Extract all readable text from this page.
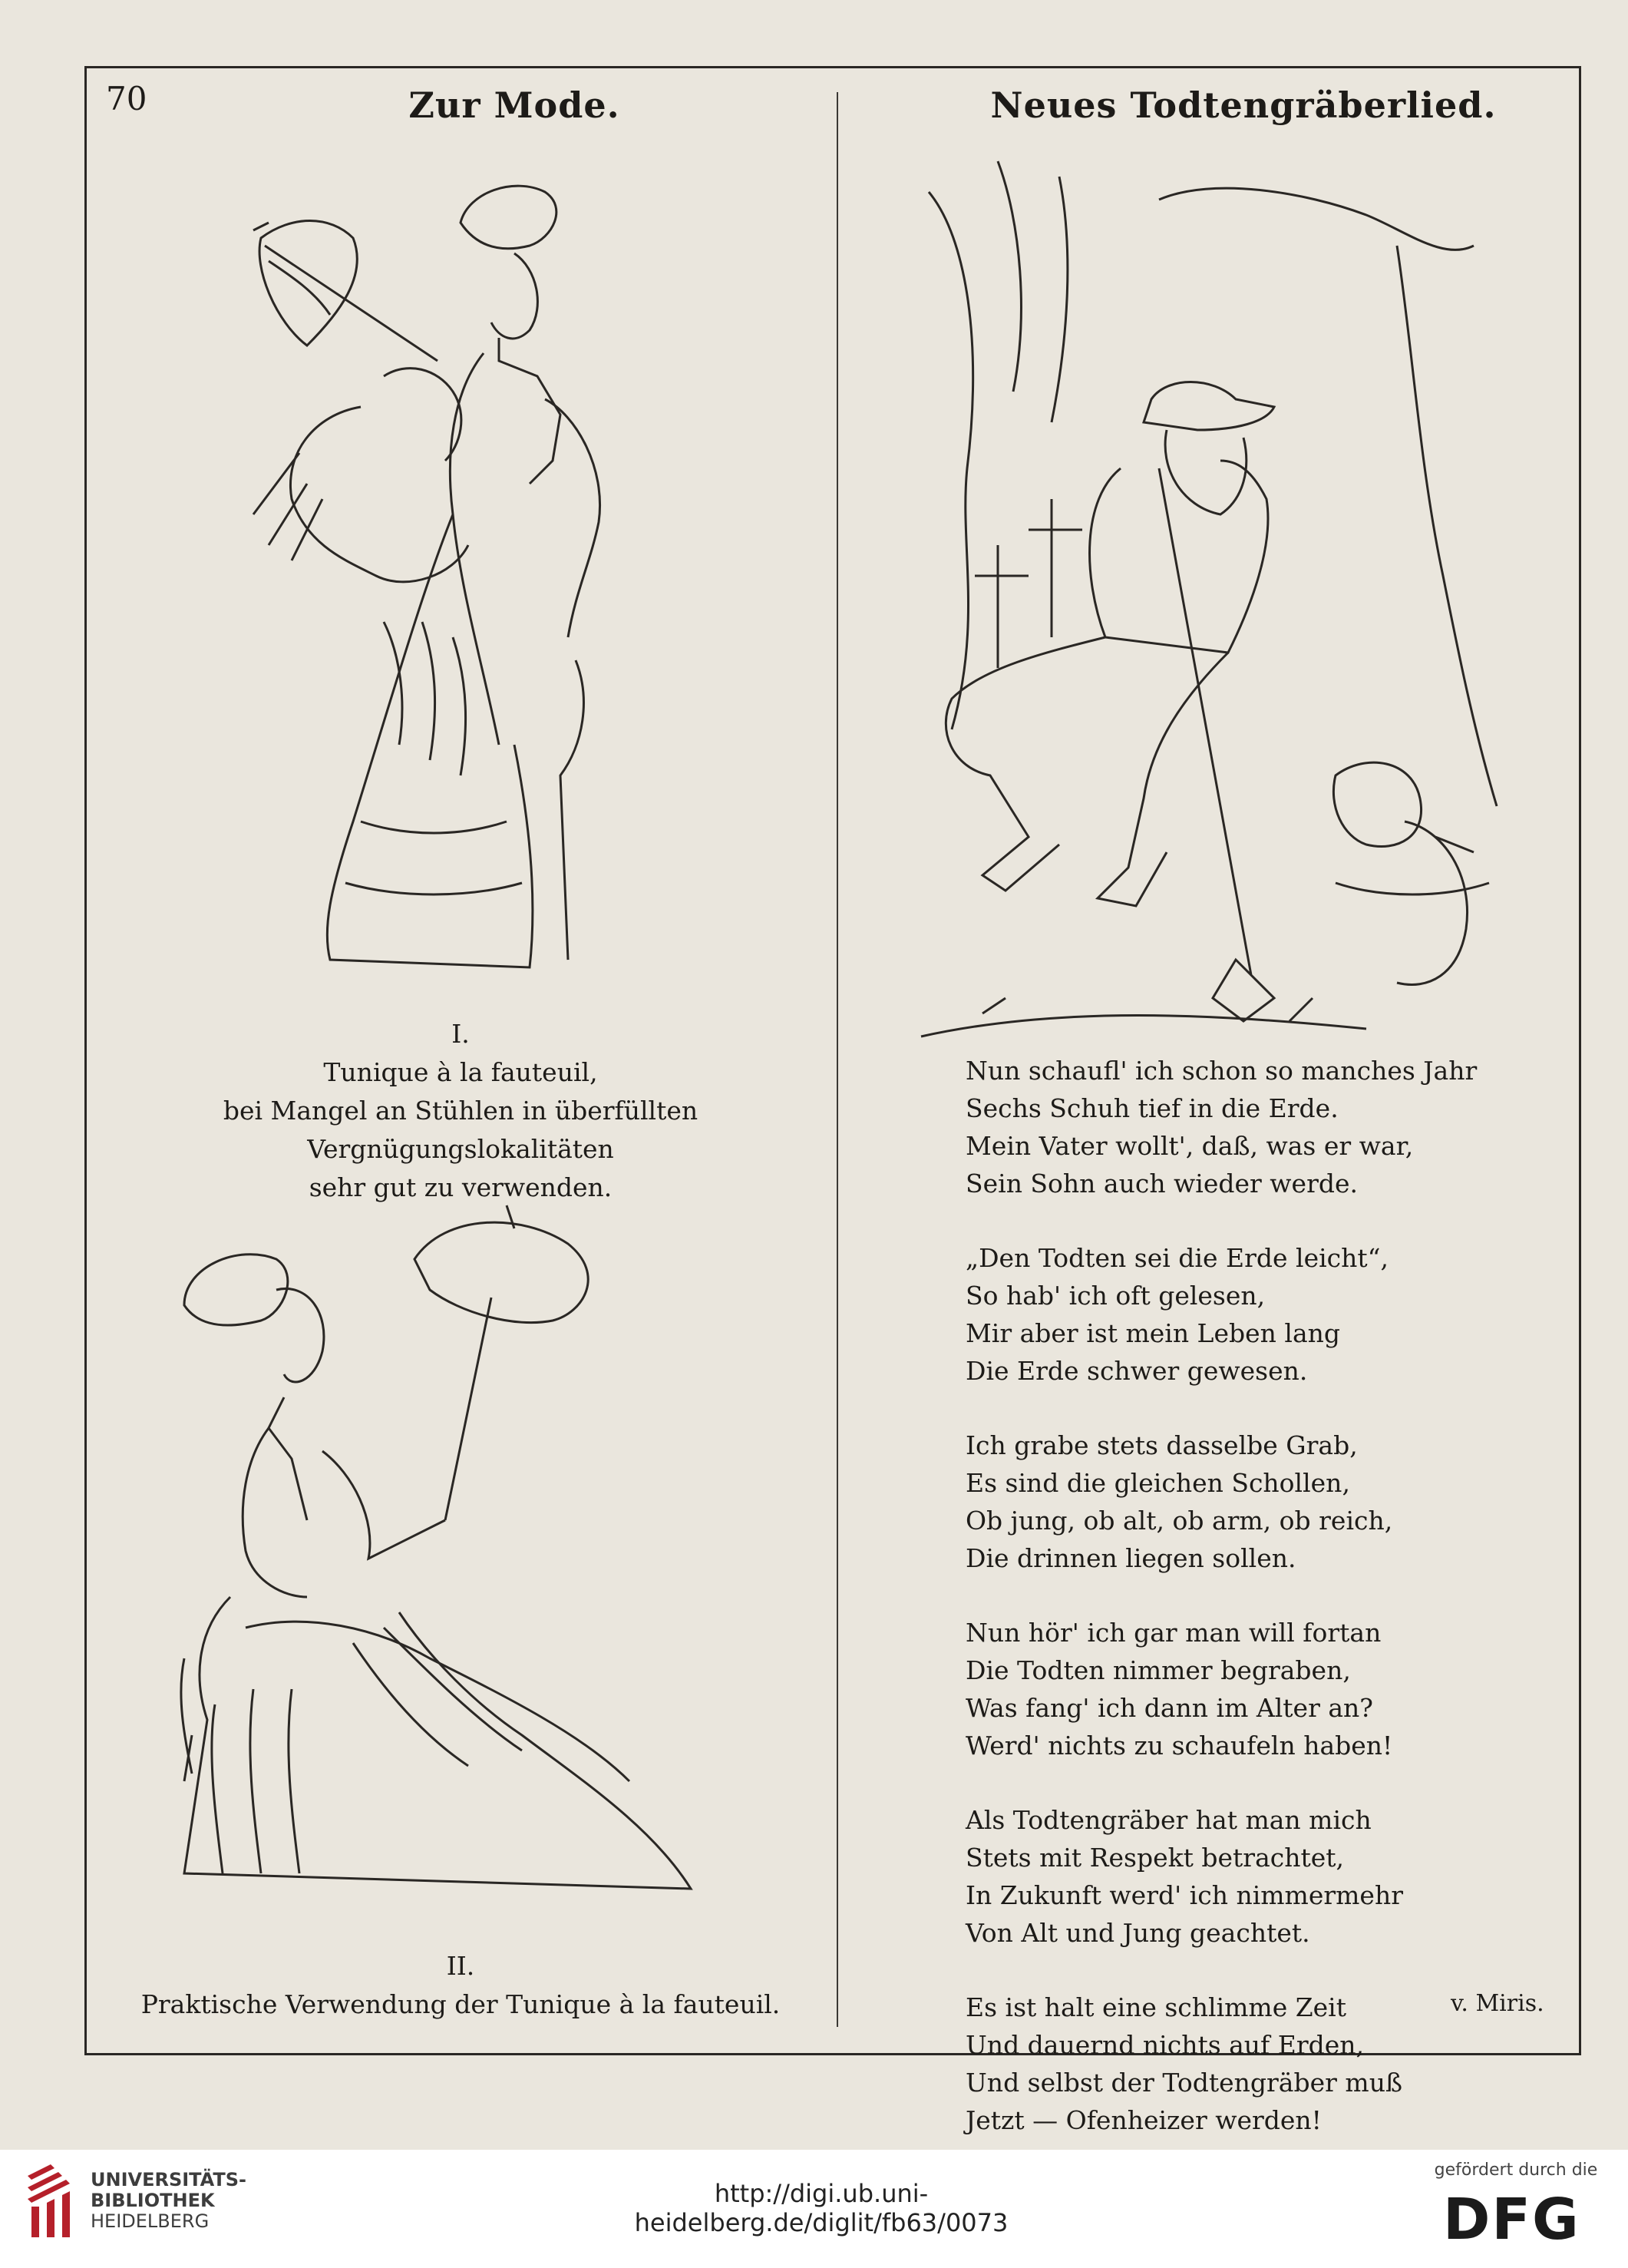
70	Zur Mode.	Neues Todtengräberlied.
I.
Tunique à la fauteuil,
bei Mangel an Stühlen in überfüllten Vergnügungslokalitäten
sehr gut zu verwenden.
II.
Praktische Verwendung der Tunique à la fauteuil.

Nun schaufl' ich schon so manches Jahr

Sechs Schuh tief in die Erde.

Mein Vater wollt', daß, was er war,

Sein Sohn auch wieder werde.

„Den Todten sei die Erde leicht“,

So hab' ich oft gelesen,

Mir aber ist mein Leben lang

Die Erde schwer gewesen.

Ich grabe stets dasselbe Grab,

Es sind die gleichen Schollen,

Ob jung, ob alt, ob arm, ob reich,

Die drinnen liegen sollen.

Nun hör' ich gar man will fortan

Die Todten nimmer begraben,

Was fang' ich dann im Alter an?

Werd' nichts zu schaufeln haben!

Als Todtengräber hat man mich

Stets mit Respekt betrachtet,

In Zukunft werd' ich nimmermehr

Von Alt und Jung geachtet.

Es ist halt eine schlimme Zeit

Und dauernd nichts auf Erden,

Und selbst der Todtengräber muß

Jetzt — Ofenheizer werden!

v. Miris.
UNIVERSITÄTS-
BIBLIOTHEK
HEIDELBERG
http://digi.ub.uni-heidelberg.de/diglit/fb63/0073
gefördert durch die
DFG
